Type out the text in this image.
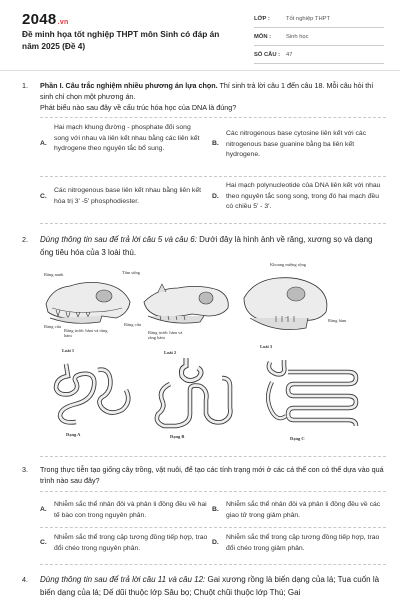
2048.vn
Đề minh họa tốt nghiệp THPT môn Sinh có đáp án năm 2025 (Đề 4)
LỚP :	Tốt nghiệp THPT
MÔN :	Sinh học
SỐ CÂU :	47
1. Phần I. Câu trắc nghiệm nhiều phương án lựa chọn. Thí sinh trả lời câu 1 đến câu 18. Mỗi câu hỏi thí sinh chỉ chọn một phương án.
Phát biểu nào sau đây về cấu trúc hóa học của DNA là đúng?
A.
Hai mạch khung đường - phosphate đối song song với nhau và liên kết nhau bằng các liên kết hydrogene theo nguyên tắc bổ sung.
B.
Các nitrogenous base cytosine liên kết với các nitrogenous base guanine bằng ba liên kết hydrogene.
C.
Các nitrogenous base liên kết nhau bằng liên kết hóa trị 3' -5' phosphodiester.
D.
Hai mạch polynucleotide của DNA liên kết với nhau theo nguyên tắc song song, trong đó hai mạch đều có chiều 5' - 3'.
2. Dùng thông tin sau để trả lời câu 5 và câu 6: Dưới đây là hình ảnh về răng, xương sọ và dạng ống tiêu hóa của 3 loài thú.
Răng nanh
Răng cửa
Răng trước hàm và răng hàm
Loài 1
Tấm sừng
Răng cửa
Răng trước hàm và răng hàm
Loài 2
Khoang miệng rộng
Răng hàm
Loài 3
Dạng A	Dạng B	Dạng C
3. Trong thực tiễn tạo giống cây trồng, vật nuôi, để tạo các tính trạng mới ở các cá thể con có thể dựa vào quá trình nào sau đây?
A.
Nhiễm sắc thể nhân đôi và phân li đồng đều về hai tế bào con trong nguyên phân.
B.
Nhiễm sắc thể nhân đôi và phân li đồng đều về các giao tử trong giảm phân.
C.
Nhiễm sắc thể trong cặp tương đồng tiếp hợp, trao đổi chéo trong nguyên phân.
D.
Nhiễm sắc thể trong cặp tương đồng tiếp hợp, trao đổi chéo trong giảm phân.
4. Dùng thông tin sau để trả lời câu 11 và câu 12: Gai xương rồng là biến dạng của lá; Tua cuốn là biến dạng của lá; Dế dũi thuộc lớp Sâu bọ; Chuột chũi thuộc lớp Thú; Gai
